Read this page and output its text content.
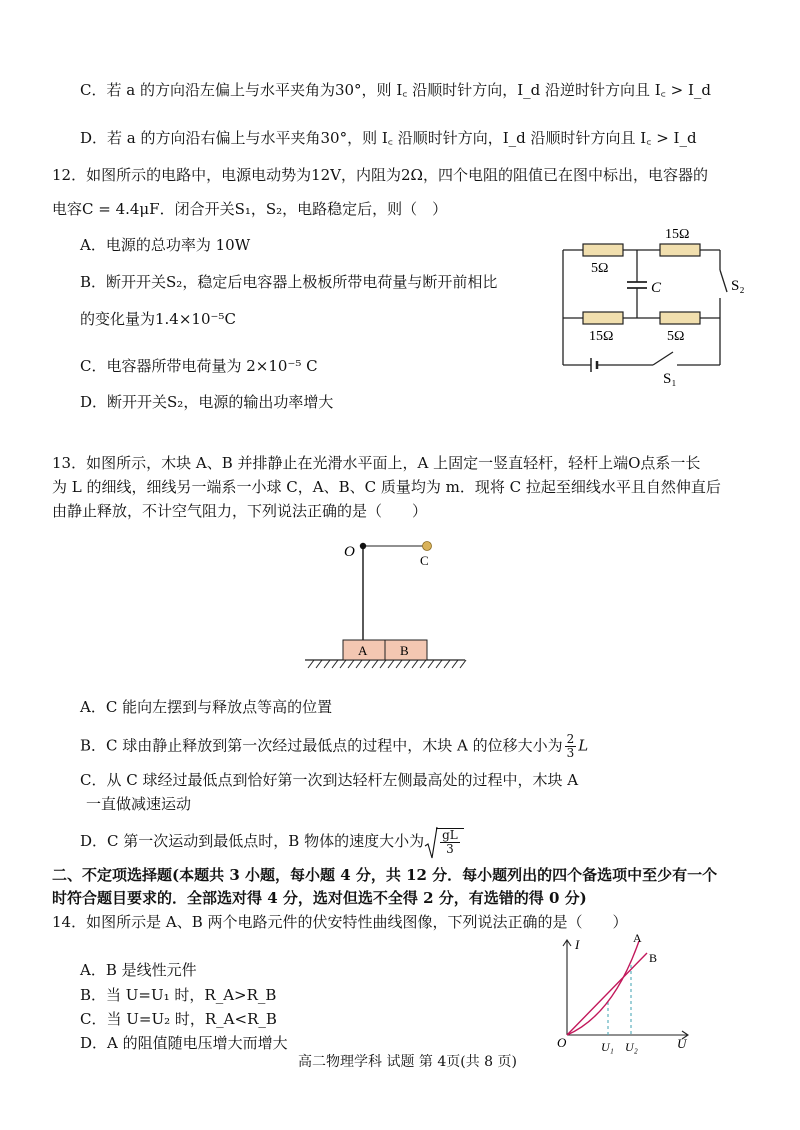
C．若 a 的方向沿左偏上与水平夹角为30°，则 I꜀ 沿顺时针方向，I_d 沿逆时针方向且 I꜀ > I_d
D．若 a 的方向沿右偏上与水平夹角30°，则 I꜀ 沿顺时针方向，I_d 沿顺时针方向且 I꜀ > I_d
12．如图所示的电路中，电源电动势为12V，内阻为2Ω，四个电阻的阻值已在图中标出，电容器的
电容C = 4.4μF．闭合开关S₁，S₂，电路稳定后，则（　）
A．电源的总功率为 10W
B．断开开关S₂，稳定后电容器上极板所带电荷量与断开前相比
的变化量为1.4×10⁻⁵C
C．电容器所带电荷量为 2×10⁻⁵ C
D．断开开关S₂，电源的输出功率增大
5Ω
15Ω
15Ω	5Ω
C	S₂
S₁
13．如图所示，木块 A、B 并排静止在光滑水平面上，A 上固定一竖直轻杆，轻杆上端O点系一长
为 L 的细线，细线另一端系一小球 C，A、B、C 质量均为 m．现将 C 拉起至细线水平且自然伸直后
由静止释放，不计空气阻力，下列说法正确的是（　　）
A	B
O
C
A．C 能向左摆到与释放点等高的位置
B．C 球由静止释放到第一次经过最低点的过程中，木块 A 的位移大小为 $\frac{2}{3}$ L
C．从 C 球经过最低点到恰好第一次到达轻杆左侧最高处的过程中，木块 A
一直做减速运动
D．C 第一次运动到最低点时，B 物体的速度大小为 $\frac{gL}{3}$
二、不定项选择题(本题共 3 小题，每小题 4 分，共 12 分．每小题列出的四个备选项中至少有一个
时符合题目要求的．全部选对得 4 分，选对但选不全得 2 分，有选错的得 0 分)
14．如图所示是 A、B 两个电路元件的伏安特性曲线图像，下列说法正确的是（　　）
A．B 是线性元件
B．当 U=U₁ 时，R_A>R_B
C．当 U=U₂ 时，R_A<R_B
D．A 的阻值随电压增大而增大
I
U
O
A
B
U₁ U₂
高二物理学科 试题 第 4页(共 8 页)
